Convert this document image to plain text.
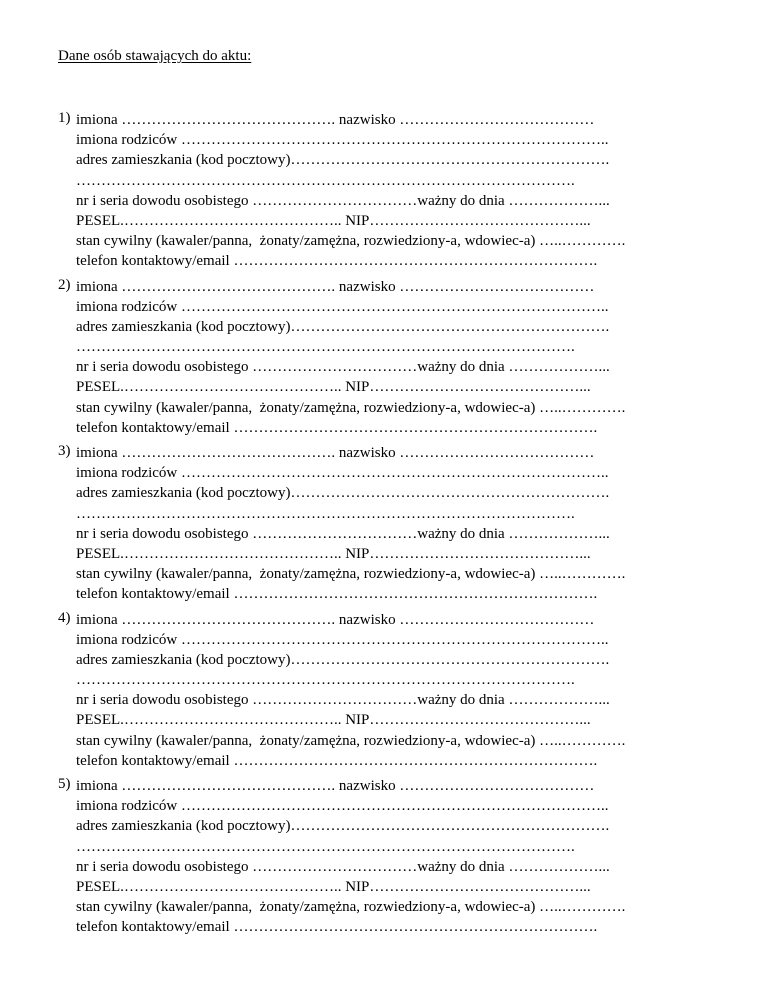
Dane osób stawających do aktu:
1) imiona ……………………………………. nazwisko …………………………………
imiona rodziców …………………………………………………………………………..
adres zamieszkania (kod pocztowy)……………………………………………………….
……………………………………………………………………………………….
nr i seria dowodu osobistego ……………………………ważny do dnia ………………...
PESEL.…………………………………….. NIP……………………………………...
stan cywilny (kawaler/panna,  żonaty/zamężna, rozwiedziony-a, wdowiec-a) …..………….
telefon kontaktowy/email ……………………………………………………………….
2) imiona ……………………………………. nazwisko …………………………………
imiona rodziców …………………………………………………………………………..
adres zamieszkania (kod pocztowy)……………………………………………………….
……………………………………………………………………………………….
nr i seria dowodu osobistego ……………………………ważny do dnia ………………...
PESEL.…………………………………….. NIP……………………………………...
stan cywilny (kawaler/panna,  żonaty/zamężna, rozwiedziony-a, wdowiec-a) …..………….
telefon kontaktowy/email ……………………………………………………………….
3) imiona ……………………………………. nazwisko …………………………………
imiona rodziców …………………………………………………………………………..
adres zamieszkania (kod pocztowy)……………………………………………………….
……………………………………………………………………………………….
nr i seria dowodu osobistego ……………………………ważny do dnia ………………...
PESEL.…………………………………….. NIP……………………………………...
stan cywilny (kawaler/panna,  żonaty/zamężna, rozwiedziony-a, wdowiec-a) …..………….
telefon kontaktowy/email ……………………………………………………………….
4) imiona ……………………………………. nazwisko …………………………………
imiona rodziców …………………………………………………………………………..
adres zamieszkania (kod pocztowy)……………………………………………………….
……………………………………………………………………………………….
nr i seria dowodu osobistego ……………………………ważny do dnia ………………...
PESEL.…………………………………….. NIP……………………………………...
stan cywilny (kawaler/panna,  żonaty/zamężna, rozwiedziony-a, wdowiec-a) …..………….
telefon kontaktowy/email ……………………………………………………………….
5) imiona ……………………………………. nazwisko …………………………………
imiona rodziców …………………………………………………………………………..
adres zamieszkania (kod pocztowy)……………………………………………………….
……………………………………………………………………………………….
nr i seria dowodu osobistego ……………………………ważny do dnia ………………...
PESEL.…………………………………….. NIP……………………………………...
stan cywilny (kawaler/panna,  żonaty/zamężna, rozwiedziony-a, wdowiec-a) …..………….
telefon kontaktowy/email ……………………………………………………………….
